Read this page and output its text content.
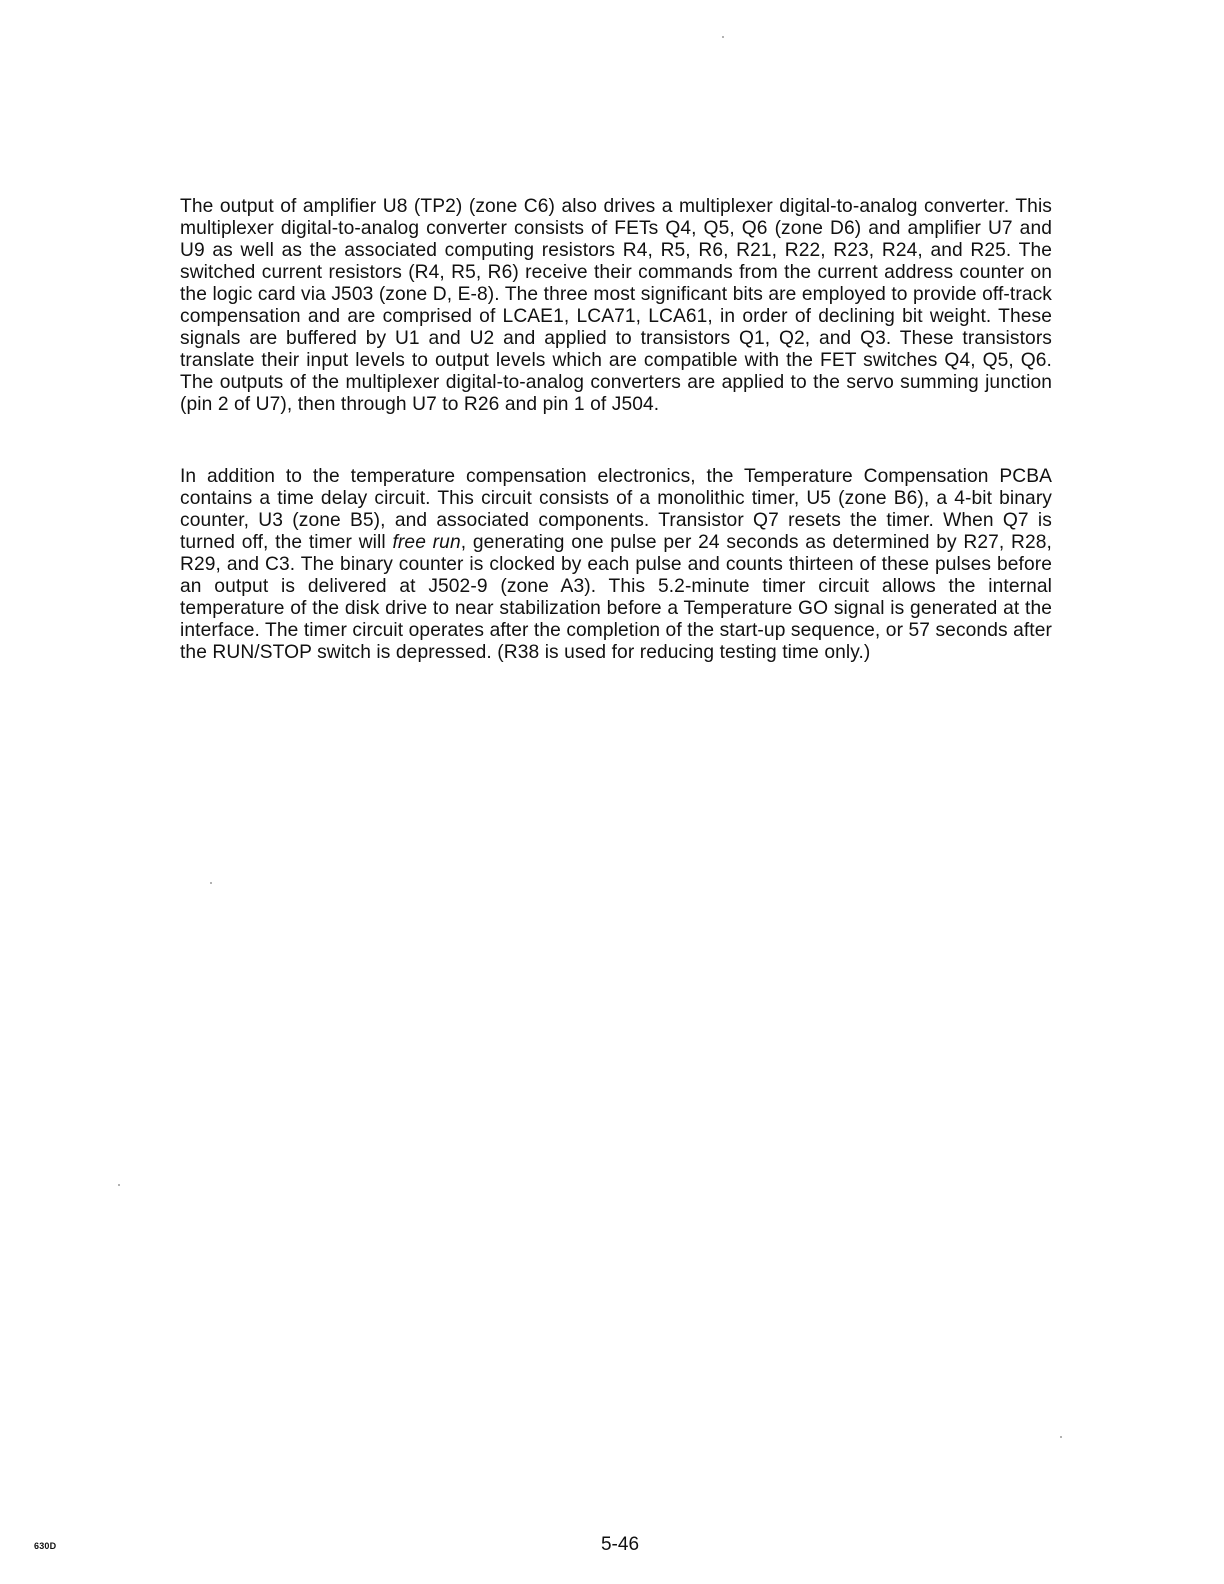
The output of amplifier U8 (TP2) (zone C6) also drives a multiplexer digital-to-analog converter. This multiplexer digital-to-analog converter consists of FETs Q4, Q5, Q6 (zone D6) and amplifier U7 and U9 as well as the associated computing resistors R4, R5, R6, R21, R22, R23, R24, and R25. The switched current resistors (R4, R5, R6) receive their commands from the current address counter on the logic card via J503 (zone D, E-8). The three most significant bits are employed to provide off-track compensation and are comprised of LCAE1, LCA71, LCA61, in order of declining bit weight. These signals are buffered by U1 and U2 and applied to transistors Q1, Q2, and Q3. These transistors translate their input levels to output levels which are compatible with the FET switches Q4, Q5, Q6. The outputs of the multiplexer digital-to-analog converters are applied to the servo summing junction (pin 2 of U7), then through U7 to R26 and pin 1 of J504.

In addition to the temperature compensation electronics, the Temperature Compensation PCBA contains a time delay circuit. This circuit consists of a monolithic timer, U5 (zone B6), a 4-bit binary counter, U3 (zone B5), and associated components. Transistor Q7 resets the timer. When Q7 is turned off, the timer will free run, generating one pulse per 24 seconds as determined by R27, R28, R29, and C3. The binary counter is clocked by each pulse and counts thirteen of these pulses before an output is delivered at J502-9 (zone A3). This 5.2-minute timer circuit allows the internal temperature of the disk drive to near stabilization before a Temperature GO signal is generated at the interface. The timer circuit operates after the completion of the start-up sequence, or 57 seconds after the RUN/STOP switch is depressed. (R38 is used for reducing testing time only.)

630D	5-46
